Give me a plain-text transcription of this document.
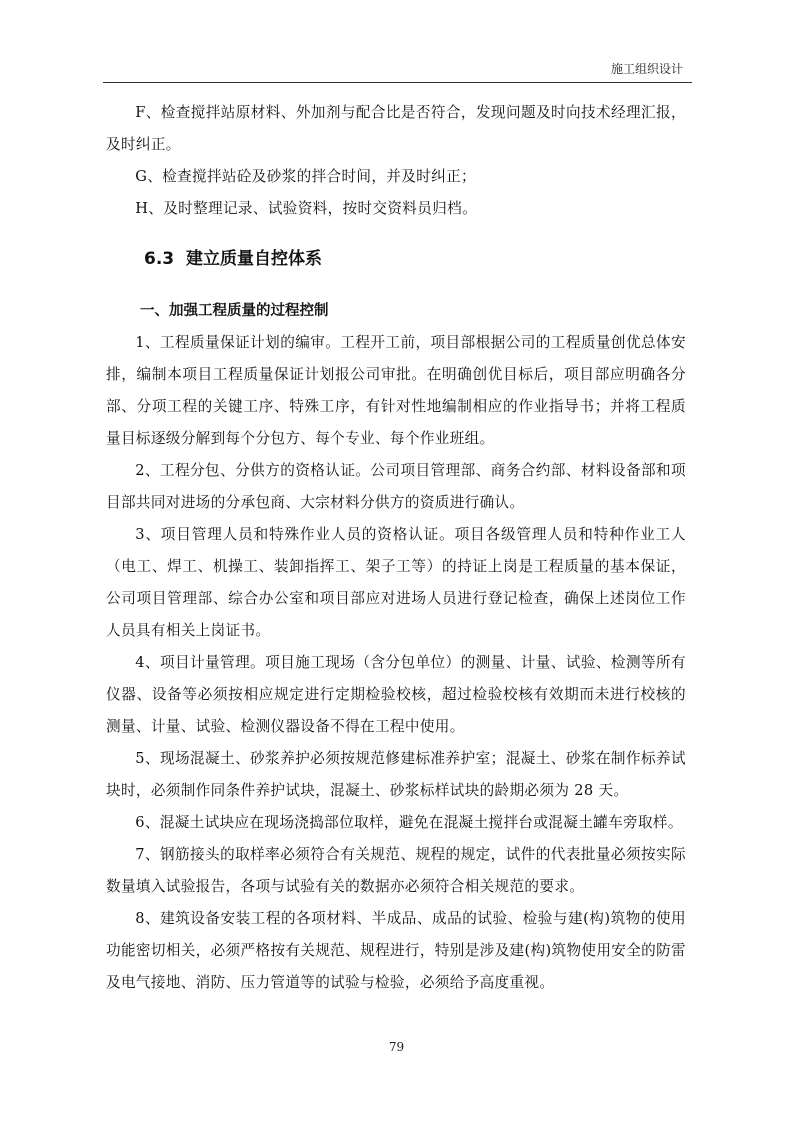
施工组织设计

F、检查搅拌站原材料、外加剂与配合比是否符合，发现问题及时向技术经理汇报，及时纠正。

G、检查搅拌站砼及砂浆的拌合时间，并及时纠正；

H、及时整理记录、试验资料，按时交资料员归档。

6.3 建立质量自控体系
一、加强工程质量的过程控制

1、工程质量保证计划的编审。工程开工前，项目部根据公司的工程质量创优总体安排，编制本项目工程质量保证计划报公司审批。在明确创优目标后，项目部应明确各分部、分项工程的关键工序、特殊工序，有针对性地编制相应的作业指导书；并将工程质量目标逐级分解到每个分包方、每个专业、每个作业班组。

2、工程分包、分供方的资格认证。公司项目管理部、商务合约部、材料设备部和项目部共同对进场的分承包商、大宗材料分供方的资质进行确认。

3、项目管理人员和特殊作业人员的资格认证。项目各级管理人员和特种作业工人（电工、焊工、机操工、装卸指挥工、架子工等）的持证上岗是工程质量的基本保证，公司项目管理部、综合办公室和项目部应对进场人员进行登记检查，确保上述岗位工作人员具有相关上岗证书。

4、项目计量管理。项目施工现场（含分包单位）的测量、计量、试验、检测等所有仪器、设备等必须按相应规定进行定期检验校核，超过检验校核有效期而未进行校核的测量、计量、试验、检测仪器设备不得在工程中使用。

5、现场混凝土、砂浆养护必须按规范修建标准养护室；混凝土、砂浆在制作标养试块时，必须制作同条件养护试块，混凝土、砂浆标样试块的龄期必须为 28 天。

6、混凝土试块应在现场浇捣部位取样，避免在混凝土搅拌台或混凝土罐车旁取样。

7、钢筋接头的取样率必须符合有关规范、规程的规定，试件的代表批量必须按实际数量填入试验报告，各项与试验有关的数据亦必须符合相关规范的要求。

8、建筑设备安装工程的各项材料、半成品、成品的试验、检验与建(构)筑物的使用功能密切相关，必须严格按有关规范、规程进行，特别是涉及建(构)筑物使用安全的防雷及电气接地、消防、压力管道等的试验与检验，必须给予高度重视。

79
